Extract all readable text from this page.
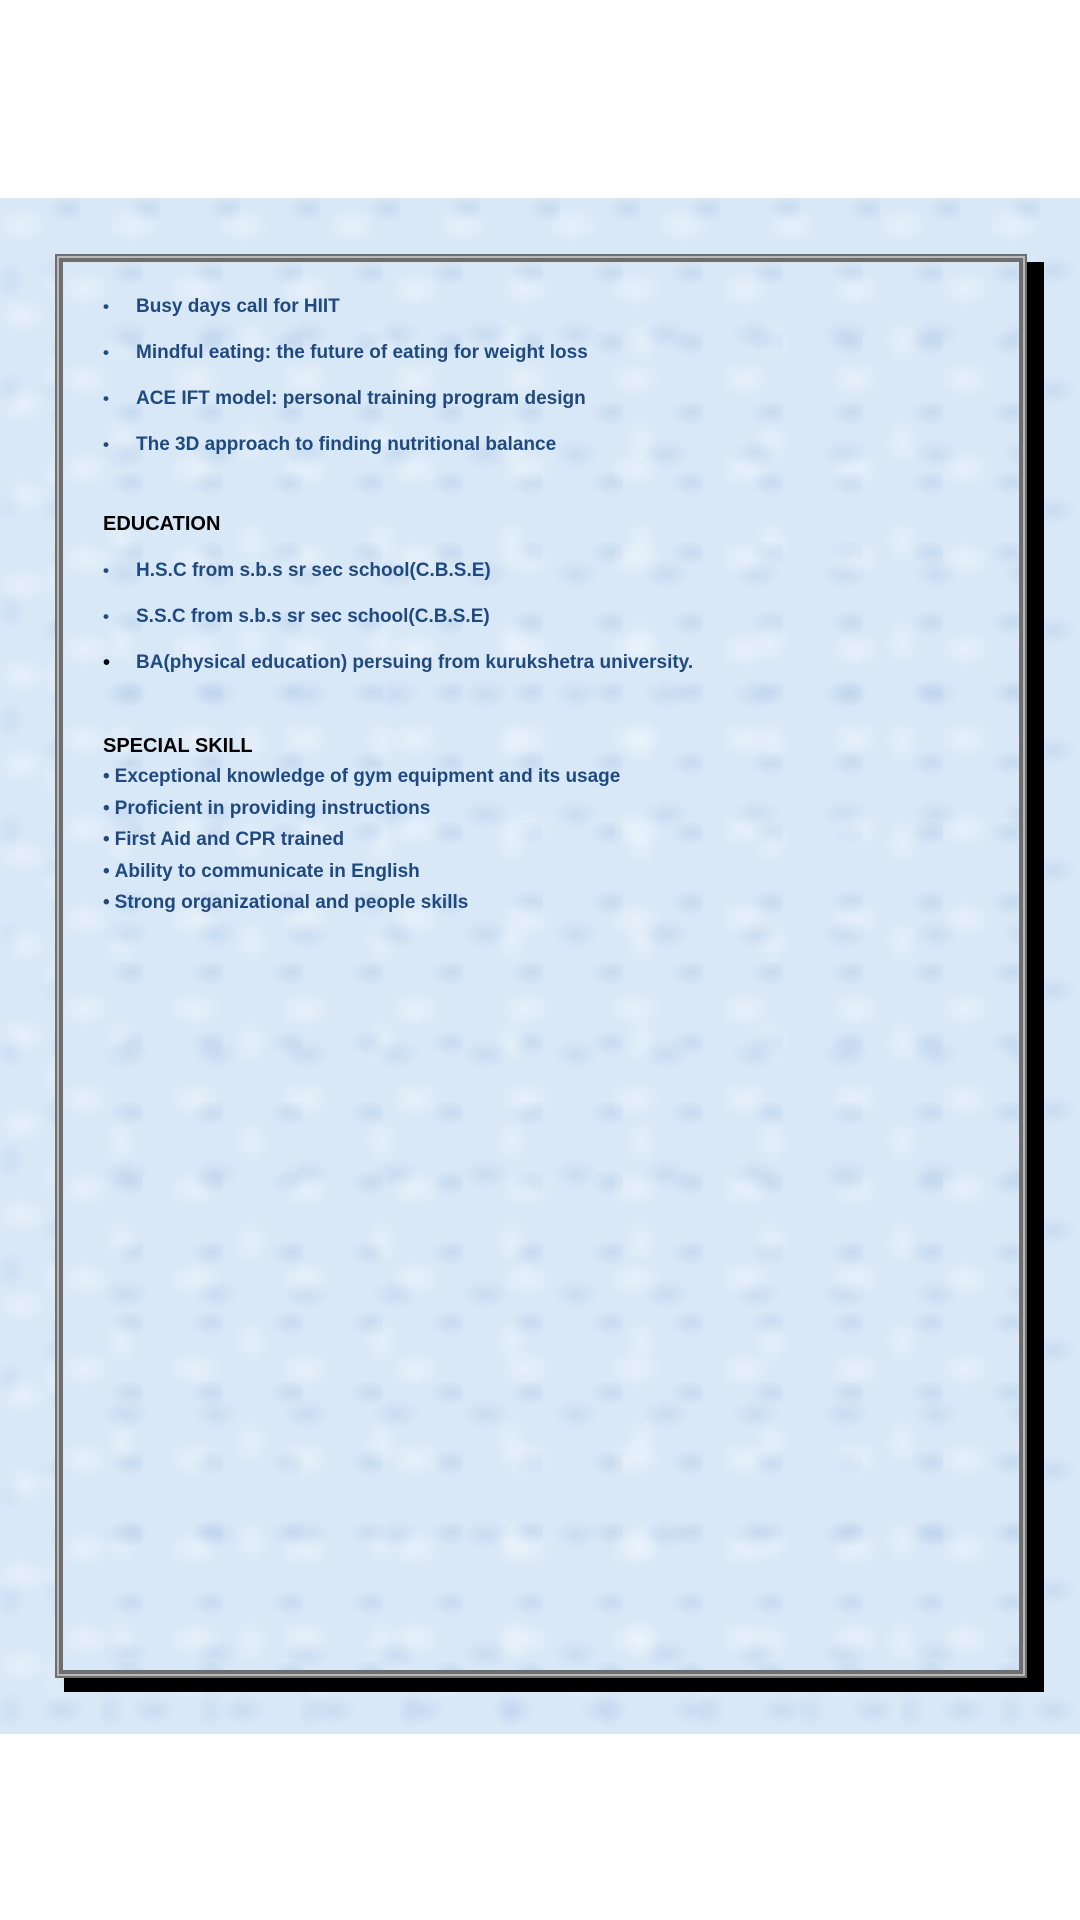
• Busy days call for HIIT
• Mindful eating: the future of eating for weight loss
• ACE IFT model: personal training program design
• The 3D approach to finding nutritional balance
EDUCATION
• H.S.C from s.b.s sr sec school(C.B.S.E)
• S.S.C from s.b.s sr sec school(C.B.S.E)
• BA(physical education) persuing from kurukshetra university.
SPECIAL SKILL
• Exceptional knowledge of gym equipment and its usage
• Proficient in providing instructions
• First Aid and CPR trained
• Ability to communicate in English
• Strong organizational and people skills
